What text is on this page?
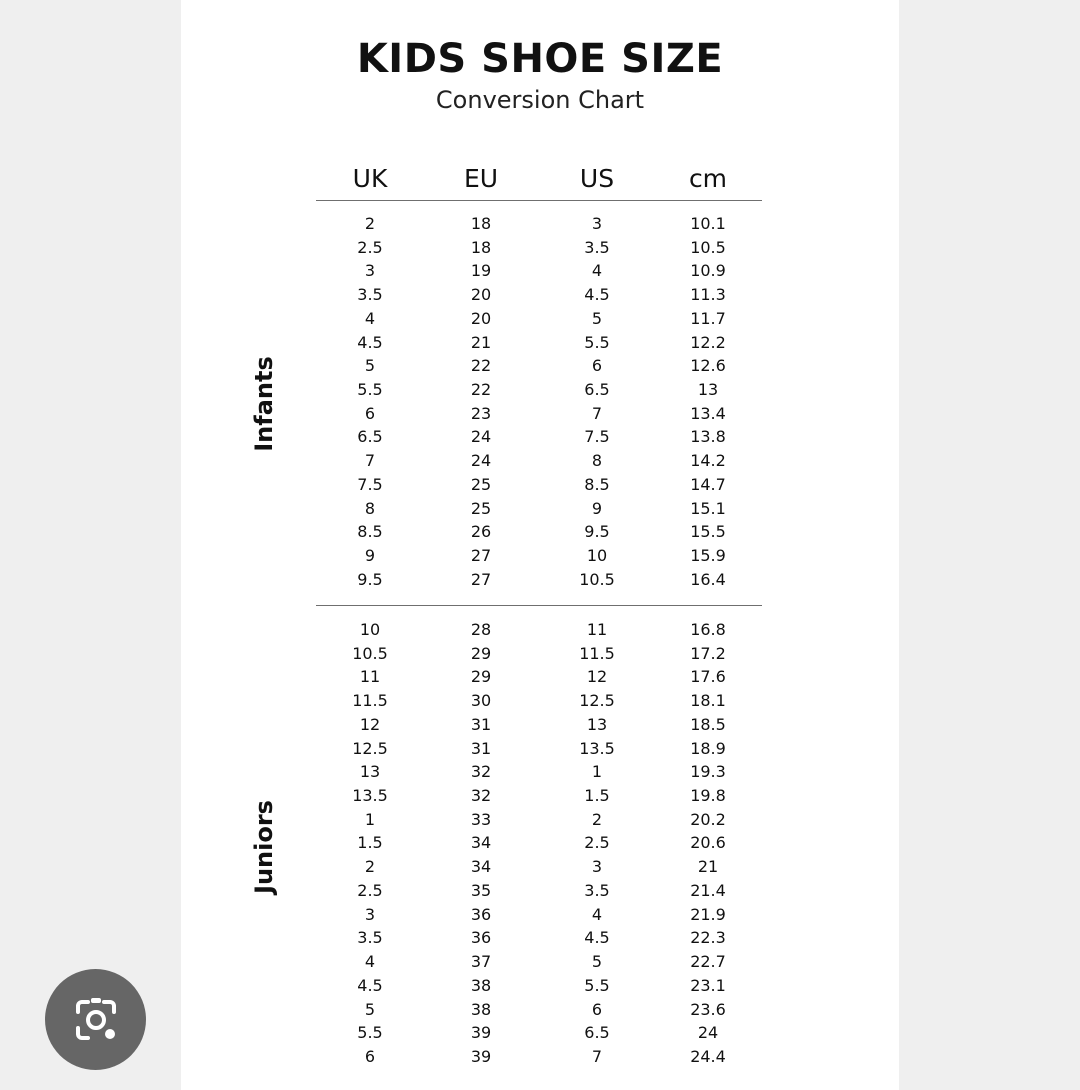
KIDS SHOE SIZE
Conversion Chart
UK	EU	US	cm
Infants
Juniors
2	18	3	10.1
2.5	18	3.5	10.5
3	19	4	10.9
3.5	20	4.5	11.3
4	20	5	11.7
4.5	21	5.5	12.2
5	22	6	12.6
5.5	22	6.5	13
6	23	7	13.4
6.5	24	7.5	13.8
7	24	8	14.2
7.5	25	8.5	14.7
8	25	9	15.1
8.5	26	9.5	15.5
9	27	10	15.9
9.5	27	10.5	16.4
10	28	11	16.8
10.5	29	11.5	17.2
11	29	12	17.6
11.5	30	12.5	18.1
12	31	13	18.5
12.5	31	13.5	18.9
13	32	1	19.3
13.5	32	1.5	19.8
1	33	2	20.2
1.5	34	2.5	20.6
2	34	3	21
2.5	35	3.5	21.4
3	36	4	21.9
3.5	36	4.5	22.3
4	37	5	22.7
4.5	38	5.5	23.1
5	38	6	23.6
5.5	39	6.5	24
6	39	7	24.4
